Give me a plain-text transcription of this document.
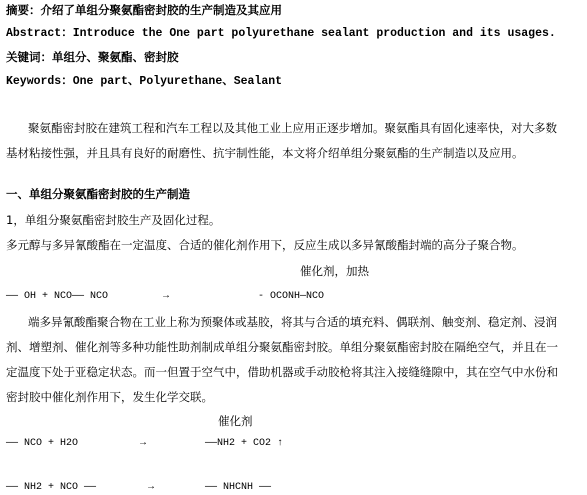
摘要：介绍了单组分聚氨酯密封胶的生产制造及其应用
Abstract：Introduce the One part polyurethane sealant production and its usages.
关键词：单组分、聚氨酯、密封胶
Keywords：One part、Polyurethane、Sealant
聚氨酯密封胶在建筑工程和汽车工程以及其他工业上应用正逐步增加。聚氨酯具有固化速率快，对大多数
基材粘接性强，并且具有良好的耐磨性、抗宇制性能，本文将介绍单组分聚氨酯的生产制造以及应用。
一、单组分聚氨酯密封胶的生产制造
1，单组分聚氨酯密封胶生产及固化过程。
多元醇与多异氰酸酯在一定温度、合适的催化剂作用下，反应生成以多异氰酸酯封端的高分子聚合物。
催化剂，加热
—— OH + NCO—— NCO	→	- OCONH—NCO
端多异氰酸酯聚合物在工业上称为预聚体或基胶，将其与合适的填充料、偶联剂、触变剂、稳定剂、浸润
剂、增塑剂、催化剂等多种功能性助剂制成单组分聚氨酯密封胶。单组分聚氨酯密封胶在隔绝空气，并且在一
定温度下处于亚稳定状态。而一但置于空气中，借助机器或手动胶枪将其注入接缝缝隙中，其在空气中水份和
密封胶中催化剂作用下，发生化学交联。
催化剂
—— NCO + H2O	→	——NH2 + CO2 ↑
—— NH2 + NCO ——	→	—— NHCNH ——
